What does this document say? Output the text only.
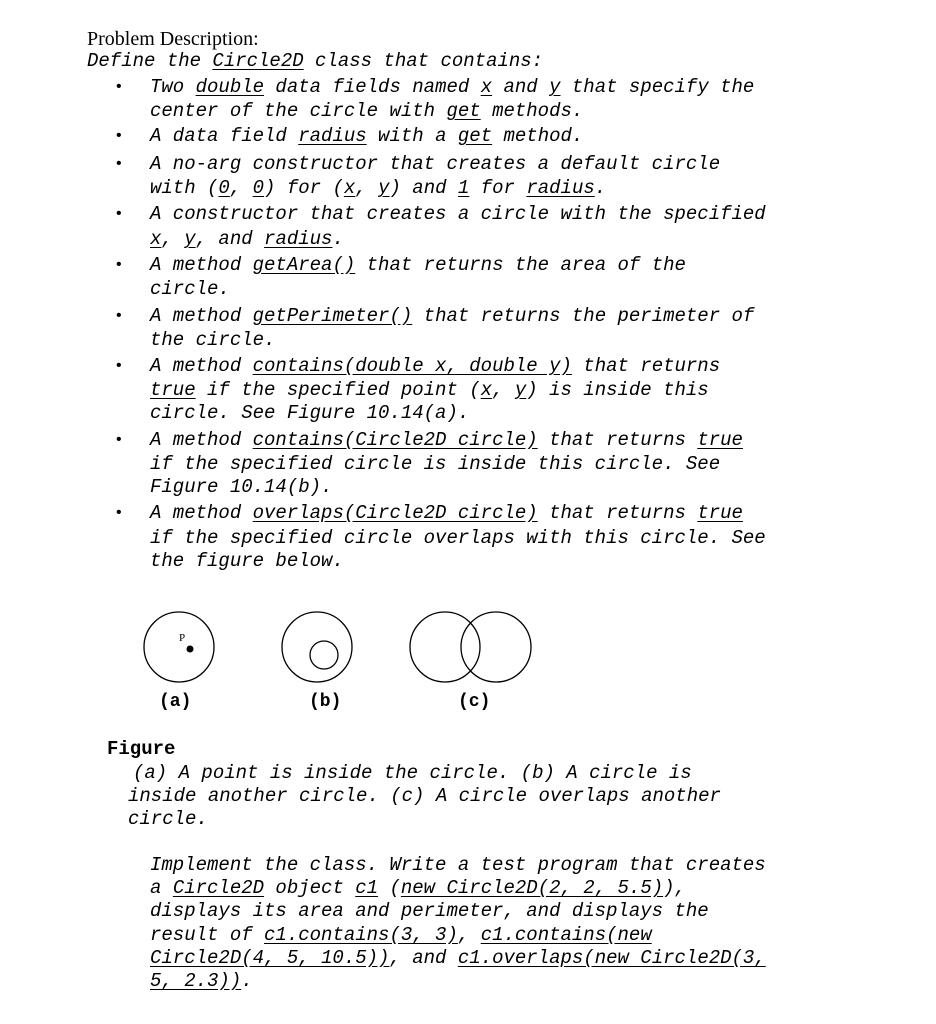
Problem Description:
Define the Circle2D class that contains:
• Two double data fields named x and y that specify the
center of the circle with get methods.
• A data field radius with a get method.
• A no-arg constructor that creates a default circle
with (0, 0) for (x, y) and 1 for radius.
• A constructor that creates a circle with the specified
x, y, and radius.
• A method getArea() that returns the area of the
circle.
• A method getPerimeter() that returns the perimeter of
the circle.
• A method contains(double x, double y) that returns
true if the specified point (x, y) is inside this
circle. See Figure 10.14(a).
• A method contains(Circle2D circle) that returns true
if the specified circle is inside this circle. See
Figure 10.14(b).
• A method overlaps(Circle2D circle) that returns true
if the specified circle overlaps with this circle. See
the figure below.
P
(a)	(b)	(c)
Figure
(a) A point is inside the circle. (b) A circle is
inside another circle. (c) A circle overlaps another
circle.
Implement the class. Write a test program that creates
a Circle2D object c1 (new Circle2D(2, 2, 5.5)),
displays its area and perimeter, and displays the
result of c1.contains(3, 3), c1.contains(new
Circle2D(4, 5, 10.5)), and c1.overlaps(new Circle2D(3,
5, 2.3)).
